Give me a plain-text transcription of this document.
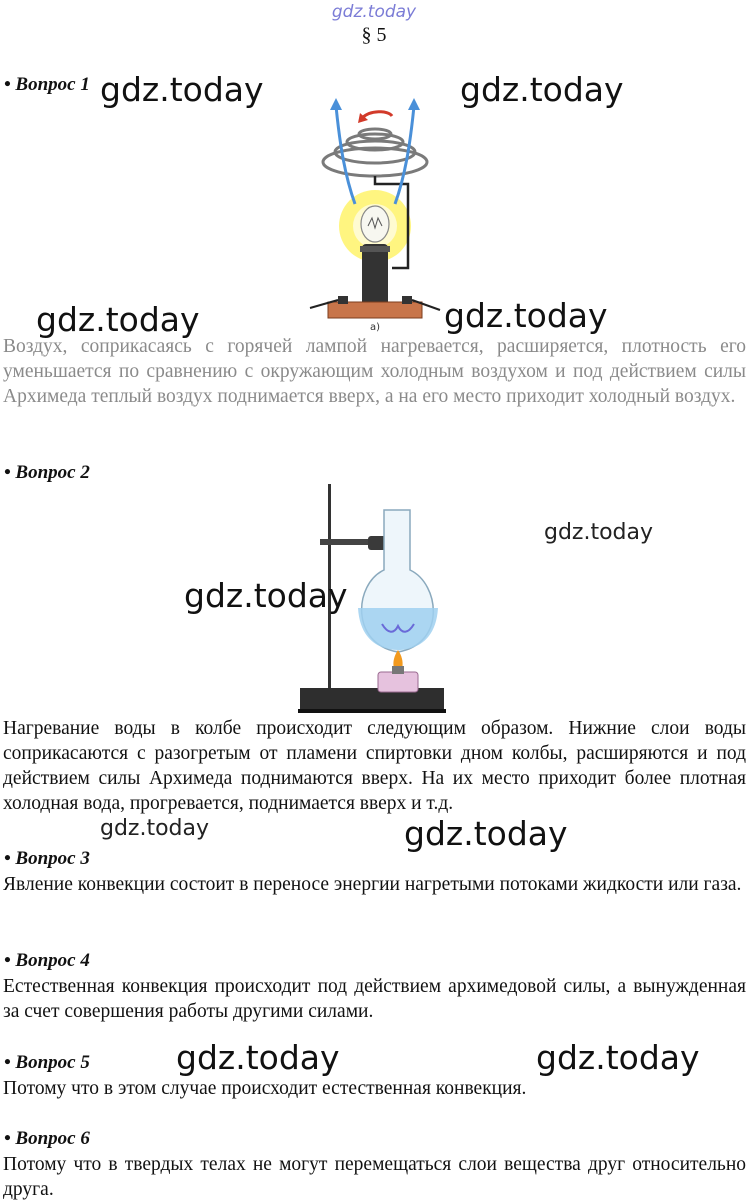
gdz.today
§ 5
• Вопрос 1
а)
Воздух, соприкасаясь с горячей лампой нагревается, расширяется, плотность его уменьшается по сравнению с окружающим холодным воздухом и под действием силы Архимеда теплый воздух поднимается вверх, а на его место приходит холодный воздух.
• Вопрос 2
Нагревание воды в колбе происходит следующим образом. Нижние слои воды соприкасаются с разогретым от пламени спиртовки дном колбы, расширяются и под действием силы Архимеда поднимаются вверх. На их место приходит более плотная холодная вода, прогревается, поднимается вверх и т.д.
• Вопрос 3
Явление конвекции состоит в переносе энергии нагретыми потоками жидкости или газа.
• Вопрос 4
Естественная конвекция происходит под действием архимедовой силы, а вынужденная за счет совершения работы другими силами.
• Вопрос 5
Потому что в этом случае происходит естественная конвекция.
• Вопрос 6
Потому что в твердых телах не могут перемещаться слои вещества друг относительно друга.
gdz.today	gdz.today
gdz.today	gdz.today
gdz.today
gdz.today
gdz.today	gdz.today
gdz.today	gdz.today
